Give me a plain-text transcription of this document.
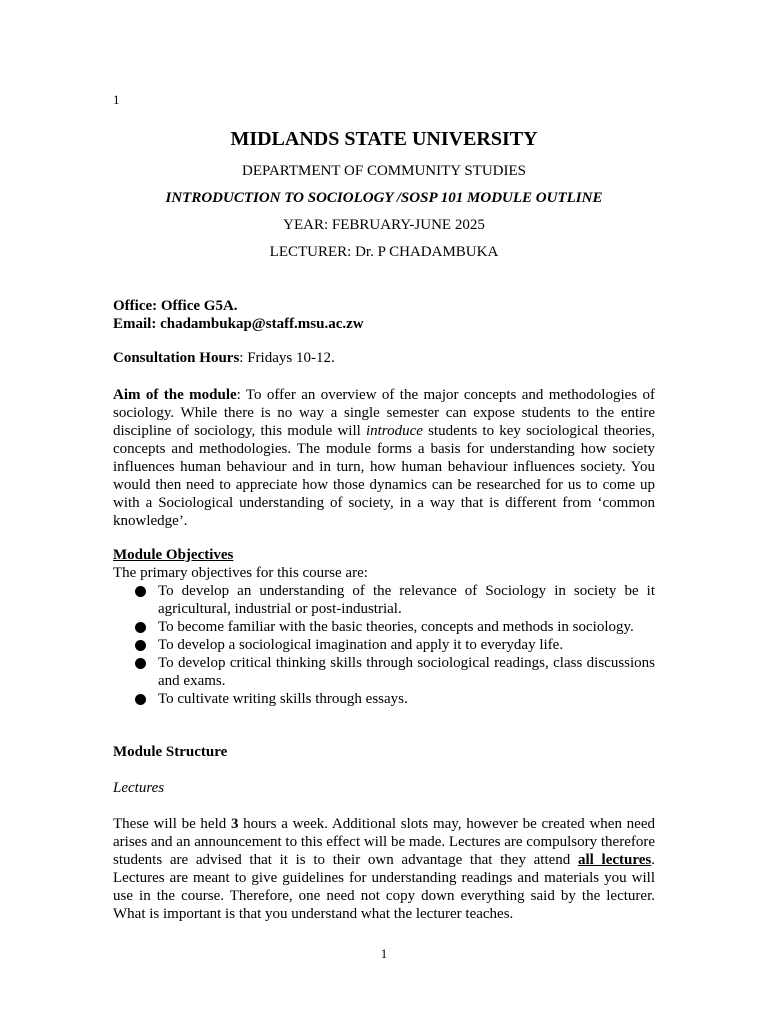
1
MIDLANDS STATE UNIVERSITY
DEPARTMENT OF COMMUNITY STUDIES
INTRODUCTION TO SOCIOLOGY /SOSP 101 MODULE OUTLINE
YEAR: FEBRUARY-JUNE 2025
LECTURER: Dr. P CHADAMBUKA
Office: Office G5A.
Email: chadambukap@staff.msu.ac.zw
Consultation Hours: Fridays 10-12.
Aim of the module: To offer an overview of the major concepts and methodologies of sociology. While there is no way a single semester can expose students to the entire discipline of sociology, this module will introduce students to key sociological theories, concepts and methodologies. The module forms a basis for understanding how society influences human behaviour and in turn, how human behaviour influences society. You would then need to appreciate how those dynamics can be researched for us to come up with a Sociological understanding of society, in a way that is different from ‘common knowledge’.
Module Objectives
The primary objectives for this course are:
To develop an understanding of the relevance of Sociology in society be it agricultural, industrial or post-industrial.
To become familiar with the basic theories, concepts and methods in sociology.
To develop a sociological imagination and apply it to everyday life.
To develop critical thinking skills through sociological readings, class discussions and exams.
To cultivate writing skills through essays.
Module Structure
Lectures
These will be held 3 hours a week. Additional slots may, however be created when need arises and an announcement to this effect will be made. Lectures are compulsory therefore students are advised that it is to their own advantage that they attend all lectures. Lectures are meant to give guidelines for understanding readings and materials you will use in the course. Therefore, one need not copy down everything said by the lecturer. What is important is that you understand what the lecturer teaches.
1
